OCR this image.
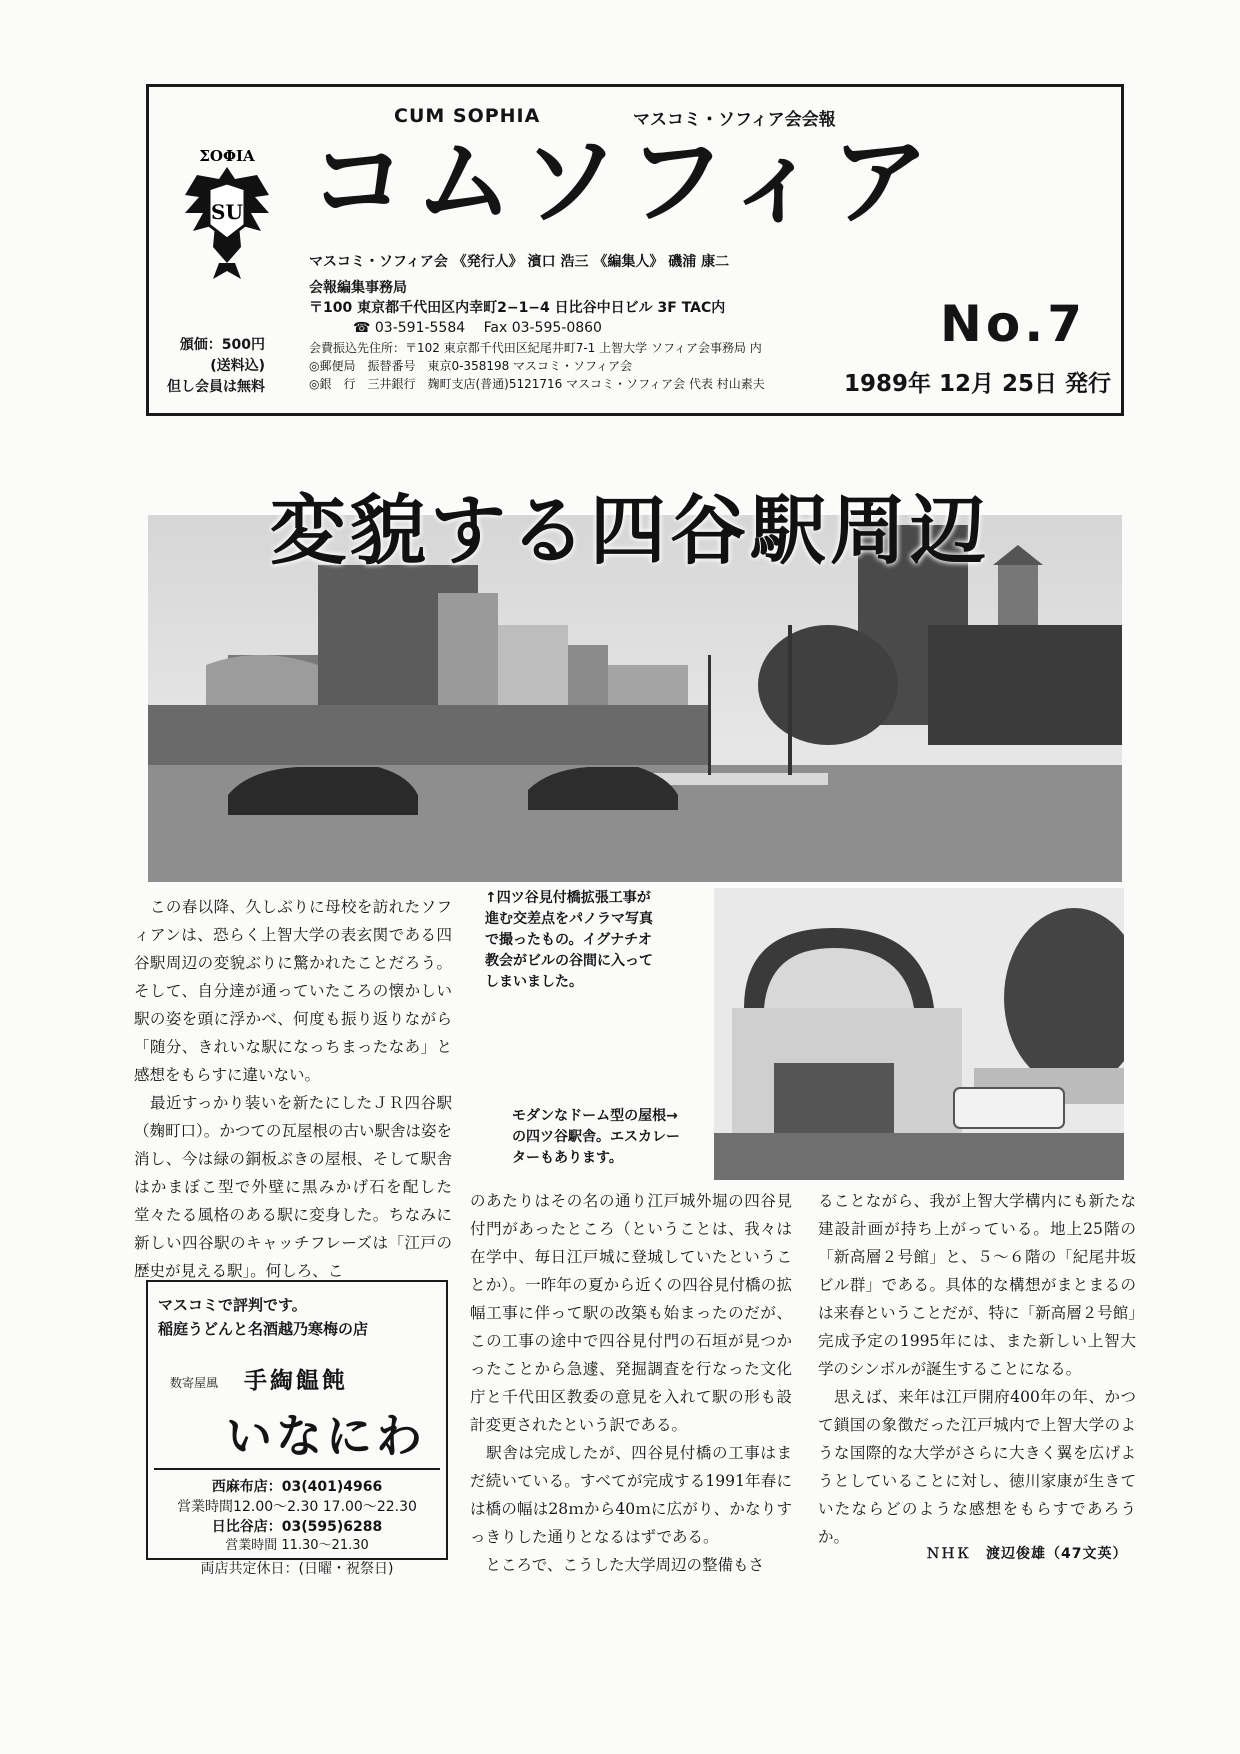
CUM SOPHIA	マスコミ・ソフィア会会報
ΣΟΦΙΑ
SU コムソフィア
マスコミ・ソフィア会 《発行人》 濱口 浩三 《編集人》 磯浦 康二
会報編集事務局
〒100 東京都千代田区内幸町2−1−4 日比谷中日ビル 3F TAC内
☎ 03-591-5584　 Fax 03-595-0860
会費振込先住所：〒102 東京都千代田区紀尾井町7-1 上智大学 ソフィア会事務局 内
◎郵便局　振替番号　東京0-358198 マスコミ・ソフィア会
◎銀　行　三井銀行　麹町支店(普通)5121716 マスコミ・ソフィア会 代表 村山素夫
No.7
1989年 12月 25日 発行
頒価：500円
(送料込)
但し会員は無料
変貌する四谷駅周辺
↑四ツ谷見付橋拡張工事が
進む交差点をパノラマ写真
で撮ったもの。イグナチオ
教会がビルの谷間に入って
しまいました。
モダンなドーム型の屋根→
の四ツ谷駅舎。エスカレー
ターもあります。
　この春以降、久しぶりに母校を訪れたソフィアンは、恐らく上智大学の表玄関である四谷駅周辺の変貌ぶりに驚かれたことだろう。そして、自分達が通っていたころの懐かしい駅の姿を頭に浮かべ、何度も振り返りながら「随分、きれいな駅になっちまったなあ」と感想をもらすに違いない。
　最近すっかり装いを新たにしたＪＲ四谷駅（麹町口）。かつての瓦屋根の古い駅舎は姿を消し、今は緑の銅板ぶきの屋根、そして駅舎はかまぼこ型で外壁に黒みかげ石を配した堂々たる風格のある駅に変身した。ちなみに新しい四谷駅のキャッチフレーズは「江戸の歴史が見える駅」。何しろ、こ
のあたりはその名の通り江戸城外堀の四谷見付門があったところ（ということは、我々は在学中、毎日江戸城に登城していたということか）。一昨年の夏から近くの四谷見付橋の拡幅工事に伴って駅の改築も始まったのだが、この工事の途中で四谷見付門の石垣が見つかったことから急遽、発掘調査を行なった文化庁と千代田区教委の意見を入れて駅の形も設計変更されたという訳である。
　駅舎は完成したが、四谷見付橋の工事はまだ続いている。すべてが完成する1991年春には橋の幅は28ｍから40ｍに広がり、かなりすっきりした通りとなるはずである。
　ところで、こうした大学周辺の整備もさ
ることながら、我が上智大学構内にも新たな建設計画が持ち上がっている。地上25階の「新高層２号館」と、５〜６階の「紀尾井坂ビル群」である。具体的な構想がまとまるのは来春ということだが、特に「新高層２号館」完成予定の1995年には、また新しい上智大学のシンボルが誕生することになる。
　思えば、来年は江戸開府400年の年、かつて鎖国の象徴だった江戸城内で上智大学のような国際的な大学がさらに大きく翼を広げようとしていることに対し、徳川家康が生きていたならどのような感想をもらすであろうか。
ＮＨＫ　渡辺俊雄（47文英）
マスコミで評判です。
稲庭うどんと名酒越乃寒梅の店
数寄屋風 手綯饂飩
いなにわ
西麻布店：03(401)4966
営業時間12.00〜2.30 17.00〜22.30
日比谷店：03(595)6288
営業時間 11.30〜21.30
両店共定休日：(日曜・祝祭日)
